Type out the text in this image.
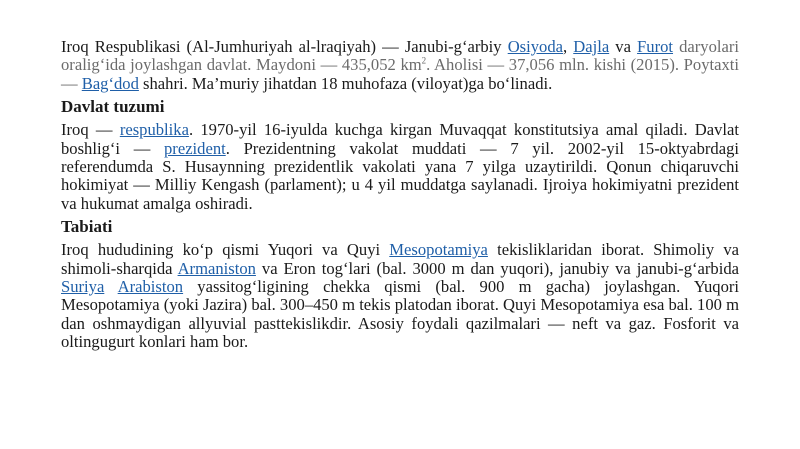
Iroq Respublikasi (Al-Jumhuriyah al-lraqiyah) — Janubi-g‘arbiy Osiyoda, Dajla va Furot daryolari oralig‘ida joylashgan davlat. Maydoni — 435,052 $km^2$. Aholisi — 37,056 mln. kishi (2015). Poytaxti — Bag‘dod shahri. Ma’muriy jihatdan 18 muhofaza (viloyat)ga bo‘linadi.

Davlat tuzumi

Iroq — respublika. 1970-yil 16-iyulda kuchga kirgan Muvaqqat konstitutsiya amal qiladi. Davlat boshlig‘i — prezident. Prezidentning vakolat muddati — 7 yil. 2002-yil 15-oktyabrdagi referendumda S. Husaynning prezidentlik vakolati yana 7 yilga uzaytirildi. Qonun chiqaruvchi hokimiyat — Milliy Kengash (parlament); u 4 yil muddatga saylanadi. Ijroiya hokimiyatni prezident va hukumat amalga oshiradi.

Tabiati

Iroq hududining ko‘p qismi Yuqori va Quyi Mesopotamiya tekisliklaridan iborat. Shimoliy va shimoli-sharqida Armaniston va Eron tog‘lari (bal. 3000 m dan yuqori), janubiy va janubi-g‘arbida Suriya Arabiston yassitog‘ligining chekka qismi (bal. 900 m gacha) joylashgan. Yuqori Mesopotamiya (yoki Jazira) bal. 300–450 m tekis platodan iborat. Quyi Mesopotamiya esa bal. 100 m dan oshmaydigan allyuvial pasttekislikdir. Asosiy foydali qazilmalari — neft va gaz. Fosforit va oltingugurt konlari ham bor.
